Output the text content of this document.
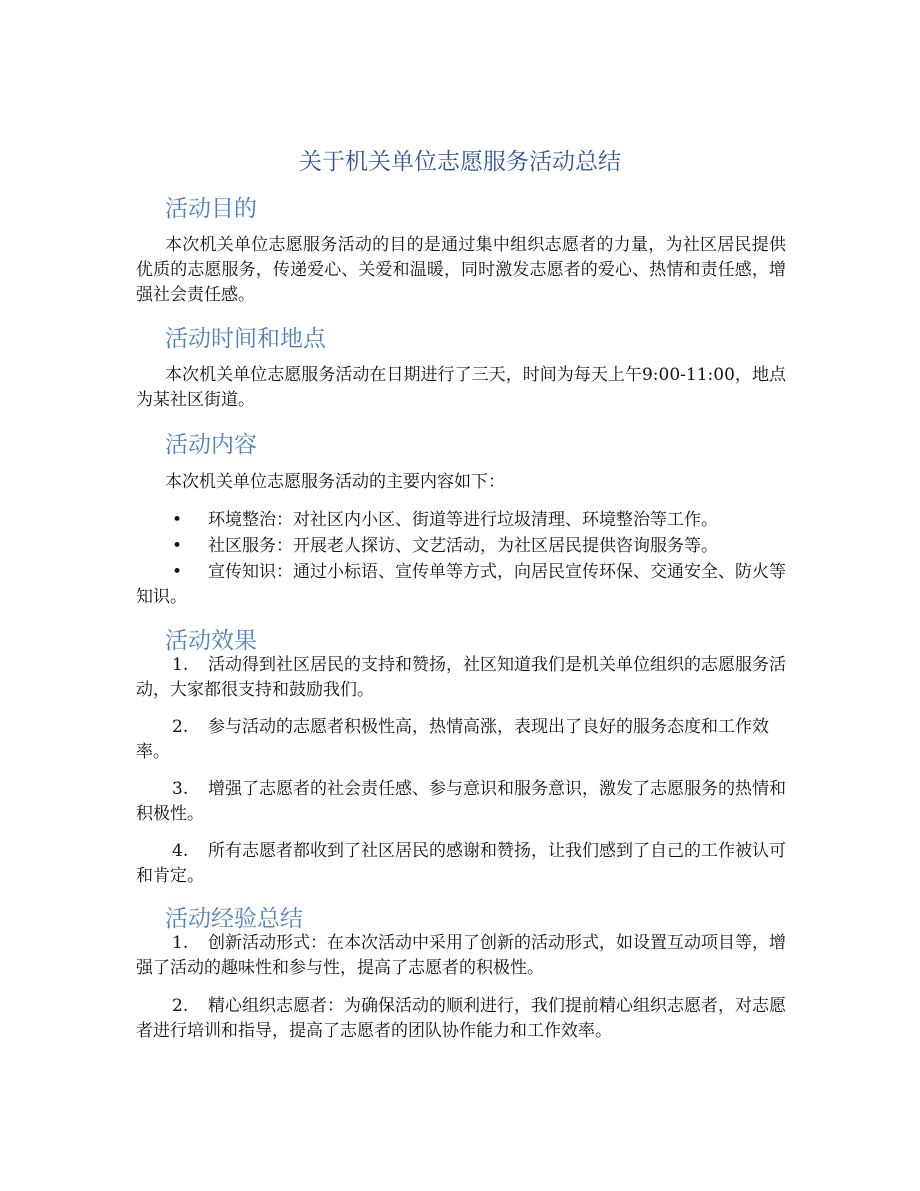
关于机关单位志愿服务活动总结
活动目的

本次机关单位志愿服务活动的目的是通过集中组织志愿者的力量，为社区居民提供优质的志愿服务，传递爱心、关爱和温暖，同时激发志愿者的爱心、热情和责任感，增强社会责任感。

活动时间和地点

本次机关单位志愿服务活动在日期进行了三天，时间为每天上午9:00-11:00，地点为某社区街道。

活动内容

本次机关单位志愿服务活动的主要内容如下：

• 环境整治：对社区内小区、街道等进行垃圾清理、环境整治等工作。

• 社区服务：开展老人探访、文艺活动，为社区居民提供咨询服务等。

• 宣传知识：通过小标语、宣传单等方式，向居民宣传环保、交通安全、防火等知识。

活动效果

1. 活动得到社区居民的支持和赞扬，社区知道我们是机关单位组织的志愿服务活动，大家都很支持和鼓励我们。

2. 参与活动的志愿者积极性高，热情高涨，表现出了良好的服务态度和工作效率。

3. 增强了志愿者的社会责任感、参与意识和服务意识，激发了志愿服务的热情和积极性。

4. 所有志愿者都收到了社区居民的感谢和赞扬，让我们感到了自己的工作被认可和肯定。

活动经验总结

1. 创新活动形式：在本次活动中采用了创新的活动形式，如设置互动项目等，增强了活动的趣味性和参与性，提高了志愿者的积极性。

2. 精心组织志愿者：为确保活动的顺利进行，我们提前精心组织志愿者，对志愿者进行培训和指导，提高了志愿者的团队协作能力和工作效率。
